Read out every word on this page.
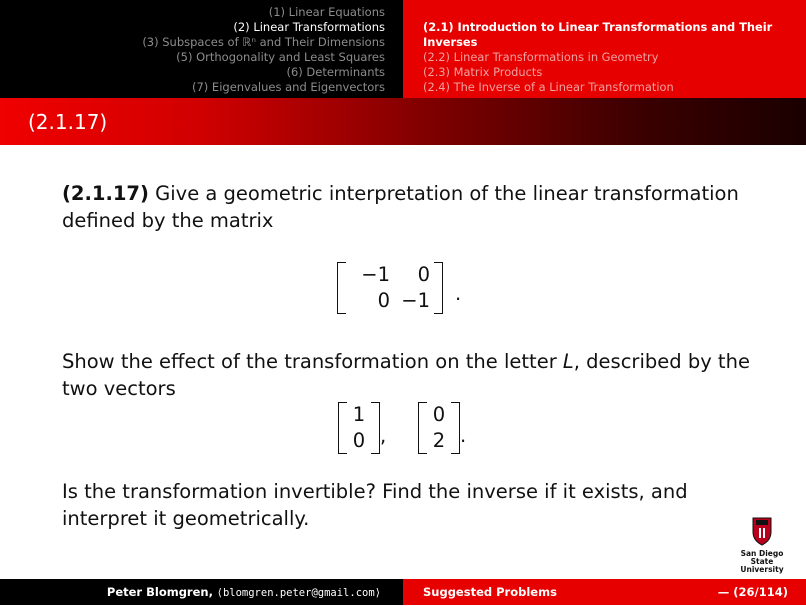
(1) Linear Equations
(2) Linear Transformations
(3) Subspaces of ℝⁿ and Their Dimensions
(5) Orthogonality and Least Squares
(6) Determinants
(7) Eigenvalues and Eigenvectors
(2.1) Introduction to Linear Transformations and Their Inverses
(2.2) Linear Transformations in Geometry
(2.3) Matrix Products
(2.4) The Inverse of a Linear Transformation
(2.1.17)

(2.1.17) Give a geometric interpretation of the linear transformation defined by the matrix

−1	0
0 −1 .

Show the effect of the transformation on the letter L, described by the two vectors

1
0 ,
0
2 .

Is the transformation invertible? Find the inverse if it exists, and interpret it geometrically.

San Diego State
University
Peter Blomgren, ⟨blomgren.peter@gmail.com⟩	Suggested Problems	— (26/114)
